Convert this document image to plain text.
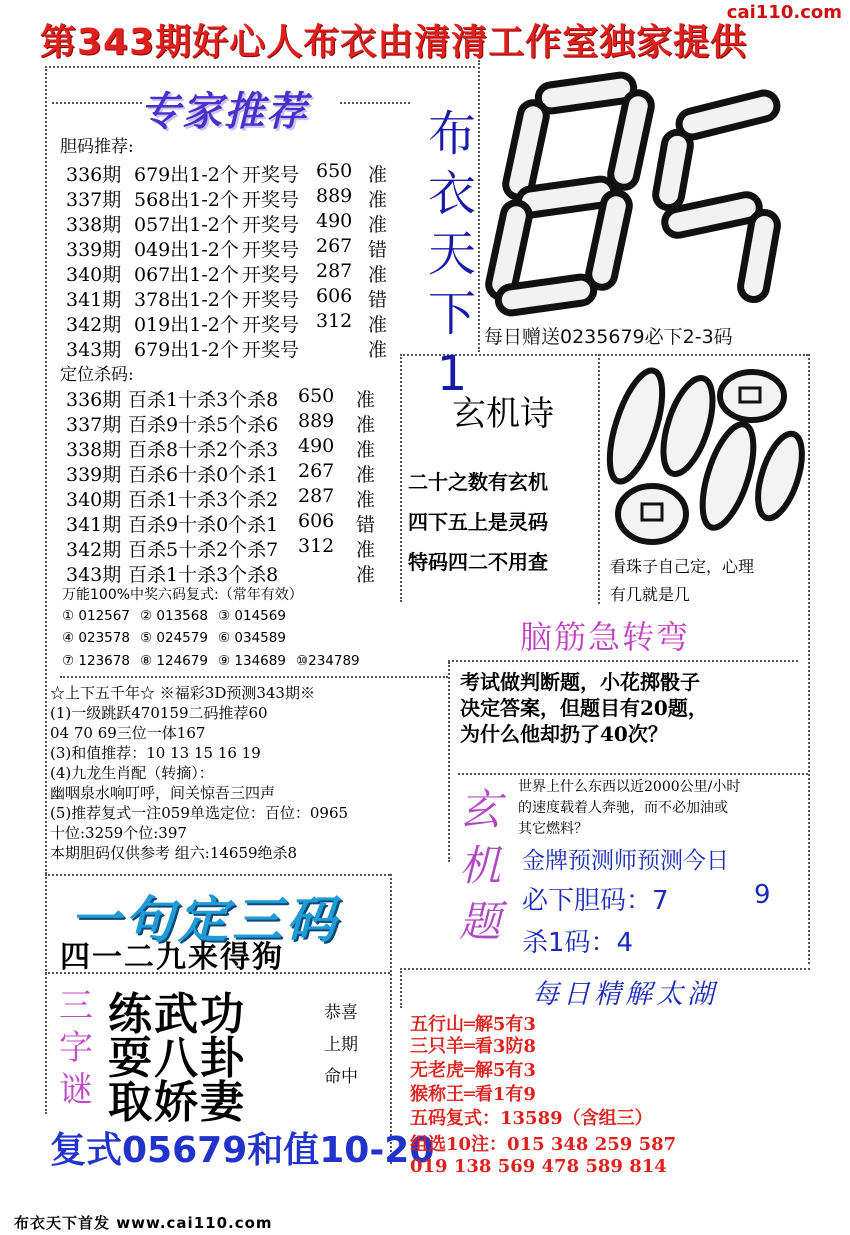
第343期好心人布衣由清清工作室独家提供
cai110.com
专家推荐
胆码推荐:
336期 679出1-2个 开奖号 650 准
337期 568出1-2个 开奖号 889 准
338期 057出1-2个 开奖号 490 准
339期 049出1-2个 开奖号 267 错
340期 067出1-2个 开奖号 287 准
341期 378出1-2个 开奖号 606 错
342期 019出1-2个 开奖号 312 准
343期 679出1-2个 开奖号	准
定位杀码:
336期 百杀1十杀3个杀8 650 准
337期 百杀9十杀5个杀6 889 准
338期 百杀8十杀2个杀3 490 准
339期 百杀6十杀0个杀1 267 准
340期 百杀1十杀3个杀2 287 准
341期 百杀9十杀0个杀1 606 错
342期 百杀5十杀2个杀7 312 准
343期 百杀1十杀3个杀8	准
布
衣
天
下
1
每日赠送0235679必下2-3码
万能100%中奖六码复式:（常年有效）
① 012567 ② 013568 ③ 014569
④ 023578 ⑤ 024579 ⑥ 034589
⑦ 123678 ⑧ 124679 ⑨ 134689 ⑩234789
玄机诗
二十之数有玄机
四下五上是灵码
特码四二不用查	看珠子自己定，心理
有几就是几
脑筋急转弯
考试做判断题，小花掷骰子
决定答案，但题目有20题，
为什么他却扔了40次？
☆上下五千年☆ ※福彩3D预测343期※
(1)一级跳跃470159二码推荐60
04 70 69三位一体167
(3)和值推荐：10 13 15 16 19
(4)九龙生肖配（转摘）：
幽咽泉水响叮呼，间关惊吾三四声
(5)推荐复式一注059单选定位：百位：0965
十位:3259个位:397
本期胆码仅供参考 组六:14659绝杀8
玄
机
题
世界上什么东西以近2000公里/小时
的速度载着人奔驰，而不必加油或
其它燃料？
金牌预测师预测今日
必下胆码：7	9
杀1码：4
一句定三码
四一二九来得狗
三
字
谜
练武功
耍八卦
取娇妻
恭喜
上期
命中
复式05679和值10-20
每日精解太湖
五行山═解5有3
三只羊═看3防8
无老虎═解5有3
猴称王═看1有9
五码复式：13589（含组三）
组选10注：015 348 259 587
019 138 569 478 589 814
布衣天下首发 www.cai110.com
